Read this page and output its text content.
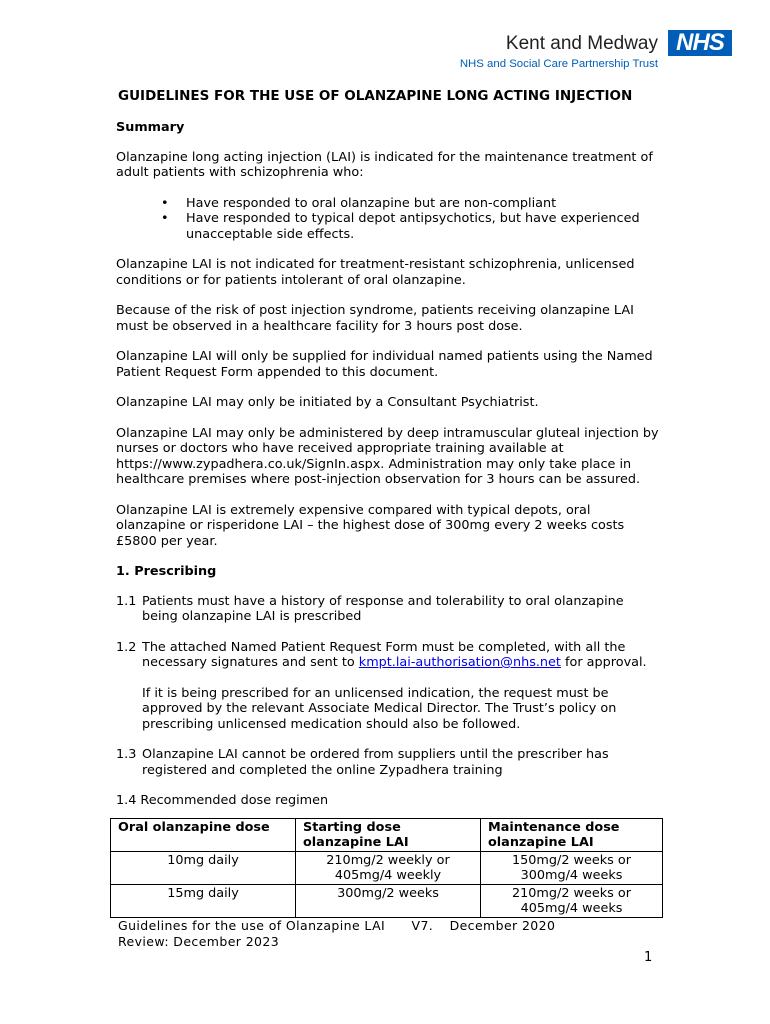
Kent and Medway
NHS and Social Care Partnership Trust
NHS
GUIDELINES FOR THE USE OF OLANZAPINE LONG ACTING INJECTION
Summary

Olanzapine long acting injection (LAI) is indicated for the maintenance treatment of adult patients with schizophrenia who:

• Have responded to oral olanzapine but are non-compliant
• Have responded to typical depot antipsychotics, but have experienced unacceptable side effects.

Olanzapine LAI is not indicated for treatment-resistant schizophrenia, unlicensed conditions or for patients intolerant of oral olanzapine.

Because of the risk of post injection syndrome, patients receiving olanzapine LAI must be observed in a healthcare facility for 3 hours post dose.

Olanzapine LAI will only be supplied for individual named patients using the Named Patient Request Form appended to this document.

Olanzapine LAI may only be initiated by a Consultant Psychiatrist.

Olanzapine LAI may only be administered by deep intramuscular gluteal injection by nurses or doctors who have received appropriate training available at https://www.zypadhera.co.uk/SignIn.aspx. Administration may only take place in healthcare premises where post-injection observation for 3 hours can be assured.

Olanzapine LAI is extremely expensive compared with typical depots, oral olanzapine or risperidone LAI – the highest dose of 300mg every 2 weeks costs £5800 per year.

1. Prescribing
1.1 Patients must have a history of response and tolerability to oral olanzapine being olanzapine LAI is prescribed
1.2 The attached Named Patient Request Form must be completed, with all the necessary signatures and sent to kmpt.lai-authorisation@nhs.net for approval.
If it is being prescribed for an unlicensed indication, the request must be approved by the relevant Associate Medical Director. The Trust’s policy on prescribing unlicensed medication should also be followed.
1.3 Olanzapine LAI cannot be ordered from suppliers until the prescriber has registered and completed the online Zypadhera training

1.4 Recommended dose regimen

Oral olanzapine dose	Starting dose olanzapine LAI	Maintenance dose olanzapine LAI
10mg daily	210mg/2 weekly or 405mg/4 weekly	150mg/2 weeks or 300mg/4 weeks
15mg daily	300mg/2 weeks	210mg/2 weeks or 405mg/4 weeks
Guidelines for the use of Olanzapine LAI V7. December 2020
Review: December 2023
1
